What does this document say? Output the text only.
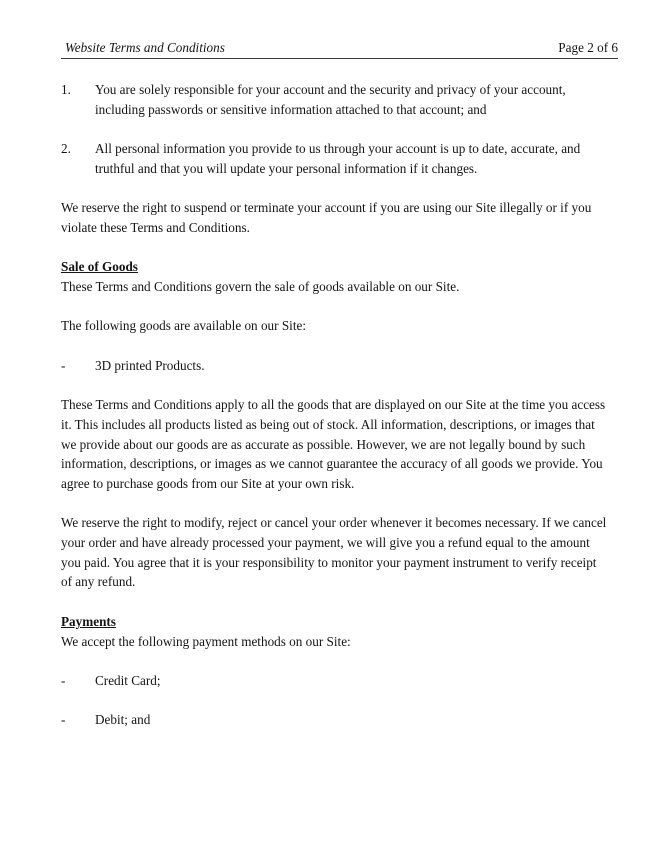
Website Terms and Conditions	Page 2 of 6
1.	You are solely responsible for your account and the security and privacy of your account, including passwords or sensitive information attached to that account; and
2.	All personal information you provide to us through your account is up to date, accurate, and truthful and that you will update your personal information if it changes.
We reserve the right to suspend or terminate your account if you are using our Site illegally or if you violate these Terms and Conditions.
Sale of Goods
These Terms and Conditions govern the sale of goods available on our Site.
The following goods are available on our Site:
-	3D printed Products.
These Terms and Conditions apply to all the goods that are displayed on our Site at the time you access it. This includes all products listed as being out of stock. All information, descriptions, or images that we provide about our goods are as accurate as possible. However, we are not legally bound by such information, descriptions, or images as we cannot guarantee the accuracy of all goods we provide. You agree to purchase goods from our Site at your own risk.
We reserve the right to modify, reject or cancel your order whenever it becomes necessary. If we cancel your order and have already processed your payment, we will give you a refund equal to the amount you paid. You agree that it is your responsibility to monitor your payment instrument to verify receipt of any refund.
Payments
We accept the following payment methods on our Site:
-	Credit Card;
-	Debit; and
